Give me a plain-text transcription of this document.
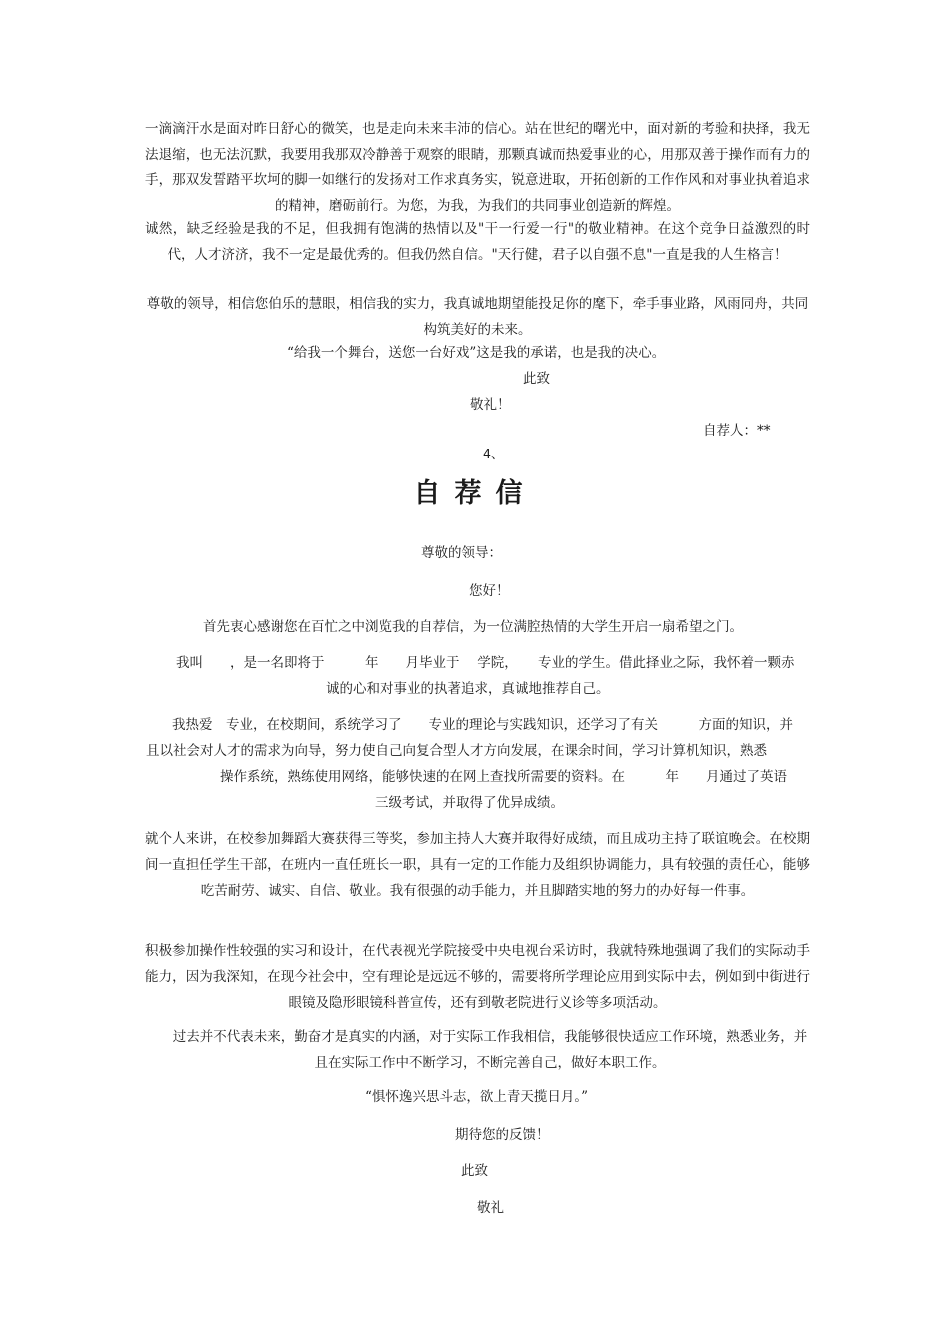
一滴滴汗水是面对昨日舒心的微笑，也是走向未来丰沛的信心。站在世纪的曙光中，面对新的考验和抉择，我无法退缩，也无法沉默，我要用我那双冷静善于观察的眼睛，那颗真诚而热爱事业的心，用那双善于操作而有力的手，那双发誓踏平坎坷的脚一如继行的发扬对工作求真务实，锐意进取，开拓创新的工作作风和对事业执着追求的精神，磨砺前行。为您，为我，为我们的共同事业创造新的辉煌。

诚然，缺乏经验是我的不足，但我拥有饱满的热情以及"干一行爱一行"的敬业精神。在这个竞争日益激烈的时代，人才济济，我不一定是最优秀的。但我仍然自信。"天行健，君子以自强不息"一直是我的人生格言！

尊敬的领导，相信您伯乐的慧眼，相信我的实力，我真诚地期望能投足你的麾下，牵手事业路，风雨同舟，共同构筑美好的未来。

“给我一个舞台，送您一台好戏”这是我的承诺，也是我的决心。

此致

敬礼！

自荐人：**

4、

自荐信

尊敬的领导：

您好！

首先衷心感谢您在百忙之中浏览我的自荐信，为一位满腔热情的大学生开启一扇希望之门。

我叫　　，是一名即将于　　　年　　月毕业于　 学院，　　专业的学生。借此择业之际，我怀着一颗赤

诚的心和对事业的执著追求，真诚地推荐自己。

我热爱　专业，在校期间，系统学习了　　专业的理论与实践知识，还学习了有关　　　方面的知识，并

且以社会对人才的需求为向导，努力使自己向复合型人才方向发展，在课余时间，学习计算机知识，熟悉

操作系统，熟练使用网络，能够快速的在网上查找所需要的资料。在　　　年　　月通过了英语

三级考试，并取得了优异成绩。

就个人来讲，在校参加舞蹈大赛获得三等奖，参加主持人大赛并取得好成绩，而且成功主持了联谊晚会。在校期间一直担任学生干部，在班内一直任班长一职，具有一定的工作能力及组织协调能力，具有较强的责任心，能够吃苦耐劳、诚实、自信、敬业。我有很强的动手能力，并且脚踏实地的努力的办好每一件事。

积极参加操作性较强的实习和设计，在代表视光学院接受中央电视台采访时，我就特殊地强调了我们的实际动手能力，因为我深知，在现今社会中，空有理论是远远不够的，需要将所学理论应用到实际中去，例如到中街进行眼镜及隐形眼镜科普宣传，还有到敬老院进行义诊等多项活动。

过去并不代表未来，勤奋才是真实的内涵，对于实际工作我相信，我能够很快适应工作环境，熟悉业务，并且在实际工作中不断学习，不断完善自己，做好本职工作。

“惧怀逸兴思斗志，欲上青天揽日月。”

期待您的反馈！

此致

敬礼
